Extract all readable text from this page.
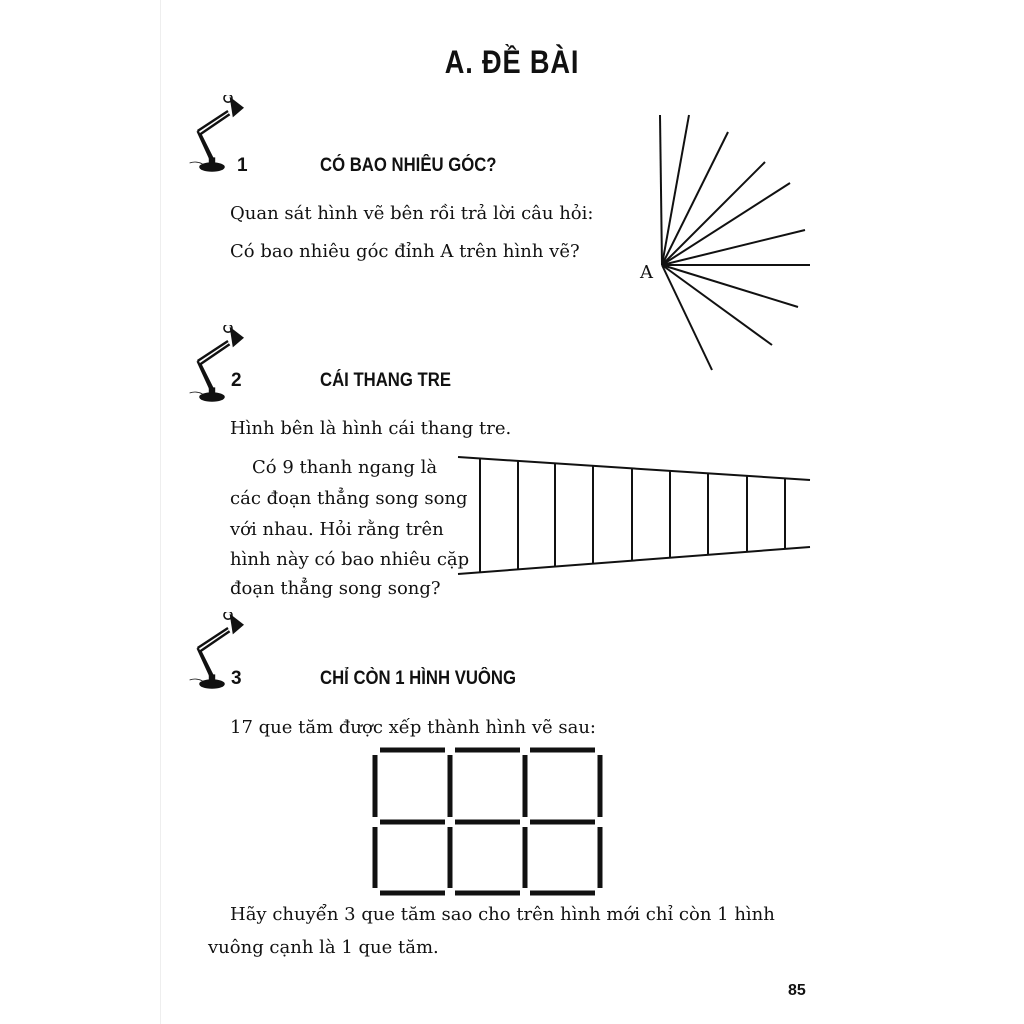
A. ĐỀ BÀI
1	CÓ BAO NHIÊU GÓC?
Quan sát hình vẽ bên rồi trả lời câu hỏi:
Có bao nhiêu góc đỉnh A trên hình vẽ?
A
2	CÁI THANG TRE
Hình bên là hình cái thang tre.
Có 9 thanh ngang là
các đoạn thẳng song song
với nhau. Hỏi rằng trên
hình này có bao nhiêu cặp
đoạn thẳng song song?
3	CHỈ CÒN 1 HÌNH VUÔNG
17 que tăm được xếp thành hình vẽ sau:
Hãy chuyển 3 que tăm sao cho trên hình mới chỉ còn 1 hình
vuông cạnh là 1 que tăm.
85
